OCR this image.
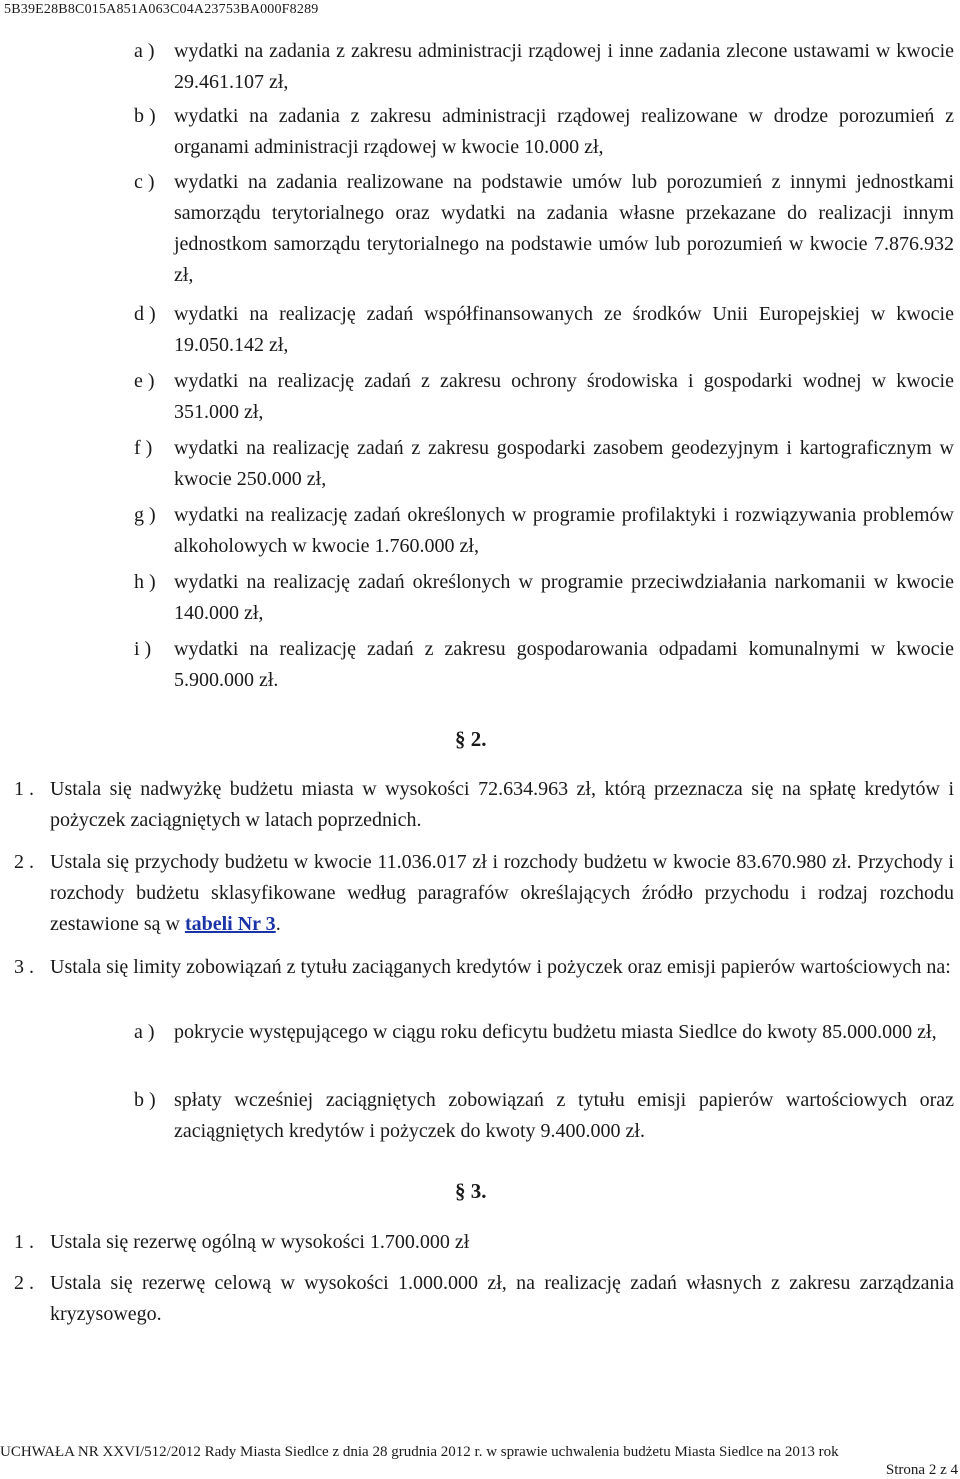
5B39E28B8C015A851A063C04A23753BA000F8289
a ) wydatki na zadania z zakresu administracji rządowej i inne zadania zlecone ustawami w kwocie 29.461.107 zł,
b ) wydatki na zadania z zakresu administracji rządowej realizowane w drodze porozumień z organami administracji rządowej w kwocie 10.000 zł,
c ) wydatki na zadania realizowane na podstawie umów lub porozumień z innymi jednostkami samorządu terytorialnego oraz wydatki na zadania własne przekazane do realizacji innym jednostkom samorządu terytorialnego na podstawie umów lub porozumień w kwocie 7.876.932 zł,
d ) wydatki na realizację zadań współfinansowanych ze środków Unii Europejskiej w kwocie 19.050.142 zł,
e ) wydatki na realizację zadań z zakresu ochrony środowiska i gospodarki wodnej w kwocie 351.000 zł,
f ) wydatki na realizację zadań z zakresu gospodarki zasobem geodezyjnym i kartograficznym w kwocie 250.000 zł,
g ) wydatki na realizację zadań określonych w programie profilaktyki i rozwiązywania problemów alkoholowych w kwocie 1.760.000 zł,
h ) wydatki na realizację zadań określonych w programie przeciwdziałania narkomanii w kwocie 140.000 zł,
i ) wydatki na realizację zadań z zakresu gospodarowania odpadami komunalnymi w kwocie 5.900.000 zł.
§ 2.
1 . Ustala się nadwyżkę budżetu miasta w wysokości 72.634.963 zł, którą przeznacza się na spłatę kredytów i pożyczek zaciągniętych w latach poprzednich.
2 . Ustala się przychody budżetu w kwocie 11.036.017 zł i rozchody budżetu w kwocie 83.670.980 zł. Przychody i rozchody budżetu sklasyfikowane według paragrafów określających źródło przychodu i rodzaj rozchodu zestawione są w tabeli Nr 3.
3 . Ustala się limity zobowiązań z tytułu zaciąganych kredytów i pożyczek oraz emisji papierów wartościowych na:
a ) pokrycie występującego w ciągu roku deficytu budżetu miasta Siedlce do kwoty 85.000.000 zł,
b ) spłaty wcześniej zaciągniętych zobowiązań z tytułu emisji papierów wartościowych oraz zaciągniętych kredytów i pożyczek do kwoty 9.400.000 zł.
§ 3.
1 . Ustala się rezerwę ogólną w wysokości 1.700.000 zł
2 . Ustala się rezerwę celową w wysokości 1.000.000 zł, na realizację zadań własnych z zakresu zarządzania kryzysowego.
UCHWAŁA NR XXVI/512/2012 Rady Miasta Siedlce z dnia 28 grudnia 2012 r. w sprawie uchwalenia budżetu Miasta Siedlce na 2013 rok
Strona 2 z 4
